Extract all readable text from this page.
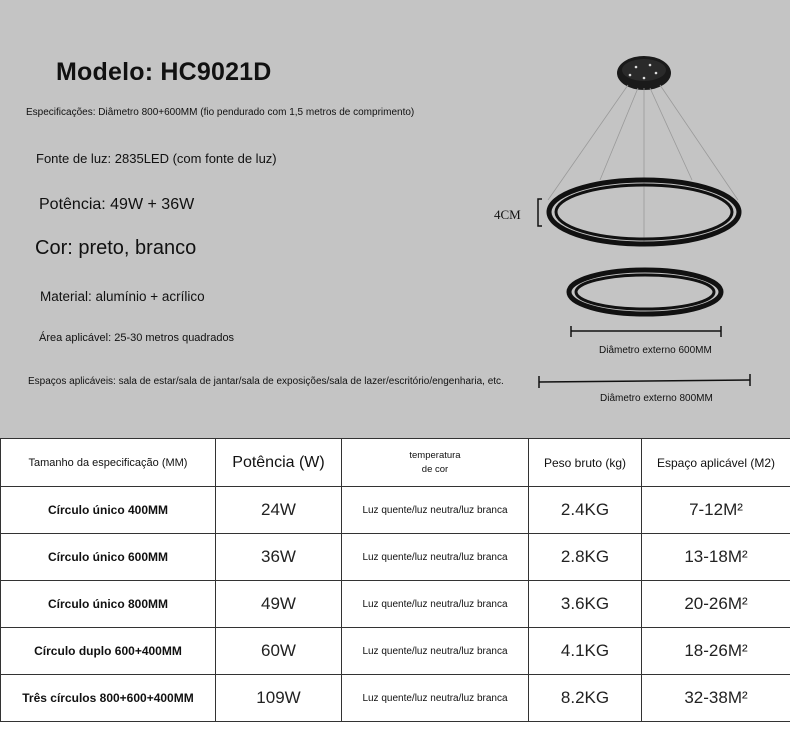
Modelo: HC9021D
Especificações: Diâmetro 800+600MM (fio pendurado com 1,5 metros de comprimento)
Fonte de luz: 2835LED (com fonte de luz)
Potência: 49W + 36W
Cor: preto, branco
Material: alumínio + acrílico
Área aplicável: 25-30 metros quadrados
Espaços aplicáveis: sala de estar/sala de jantar/sala de exposições/sala de lazer/escritório/engenharia, etc.
4CM
Diâmetro externo 600MM
Diâmetro externo 800MM
Tamanho da especificação (MM)	Potência (W)	temperatura de cor	Peso bruto (kg)	Espaço aplicável (M2)
Círculo único 400MM	24W	Luz quente/luz neutra/luz branca	2.4KG	7-12M²
Círculo único 600MM	36W	Luz quente/luz neutra/luz branca	2.8KG	13-18M²
Círculo único 800MM	49W	Luz quente/luz neutra/luz branca	3.6KG	20-26M²
Círculo duplo 600+400MM	60W	Luz quente/luz neutra/luz branca	4.1KG	18-26M²
Três círculos 800+600+400MM	109W	Luz quente/luz neutra/luz branca	8.2KG	32-38M²
